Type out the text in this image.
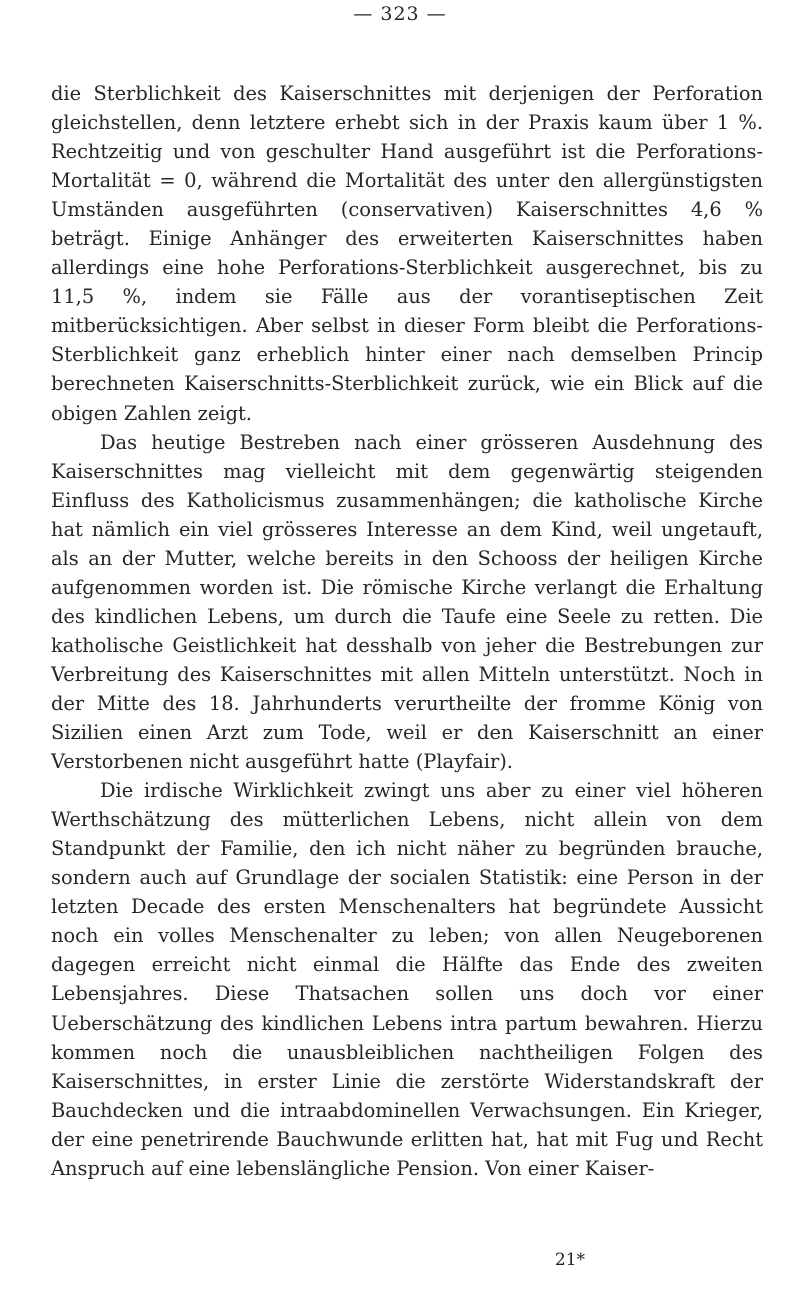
— 323 —

die Sterblichkeit des Kaiserschnittes mit derjenigen der Perforation gleichstellen, denn letztere erhebt sich in der Praxis kaum über 1 %. Rechtzeitig und von geschulter Hand ausgeführt ist die Perforations-Mortalität = 0, während die Mortalität des unter den allergünstigsten Umständen ausgeführten (conservativen) Kaiserschnittes 4,6 % beträgt. Einige Anhänger des erweiterten Kaiserschnittes haben allerdings eine hohe Perforations-Sterblichkeit ausgerechnet, bis zu 11,5 %, indem sie Fälle aus der vorantiseptischen Zeit mitberücksichtigen. Aber selbst in dieser Form bleibt die Perforations-Sterblichkeit ganz erheblich hinter einer nach demselben Princip berechneten Kaiserschnitts-Sterblichkeit zurück, wie ein Blick auf die obigen Zahlen zeigt.

Das heutige Bestreben nach einer grösseren Ausdehnung des Kaiserschnittes mag vielleicht mit dem gegenwärtig steigenden Einfluss des Katholicismus zusammenhängen; die katholische Kirche hat nämlich ein viel grösseres Interesse an dem Kind, weil ungetauft, als an der Mutter, welche bereits in den Schooss der heiligen Kirche aufgenommen worden ist. Die römische Kirche verlangt die Erhaltung des kindlichen Lebens, um durch die Taufe eine Seele zu retten. Die katholische Geistlichkeit hat desshalb von jeher die Bestrebungen zur Verbreitung des Kaiserschnittes mit allen Mitteln unterstützt. Noch in der Mitte des 18. Jahrhunderts verurtheilte der fromme König von Sizilien einen Arzt zum Tode, weil er den Kaiserschnitt an einer Verstorbenen nicht ausgeführt hatte (Playfair).

Die irdische Wirklichkeit zwingt uns aber zu einer viel höheren Werthschätzung des mütterlichen Lebens, nicht allein von dem Standpunkt der Familie, den ich nicht näher zu begründen brauche, sondern auch auf Grundlage der socialen Statistik: eine Person in der letzten Decade des ersten Menschenalters hat begründete Aussicht noch ein volles Menschenalter zu leben; von allen Neugeborenen dagegen erreicht nicht einmal die Hälfte das Ende des zweiten Lebensjahres. Diese Thatsachen sollen uns doch vor einer Ueberschätzung des kindlichen Lebens intra partum bewahren. Hierzu kommen noch die unausbleiblichen nachtheiligen Folgen des Kaiserschnittes, in erster Linie die zerstörte Widerstandskraft der Bauchdecken und die intraabdominellen Verwachsungen. Ein Krieger, der eine penetrirende Bauchwunde erlitten hat, hat mit Fug und Recht Anspruch auf eine lebenslängliche Pension. Von einer Kaiser-

21*
